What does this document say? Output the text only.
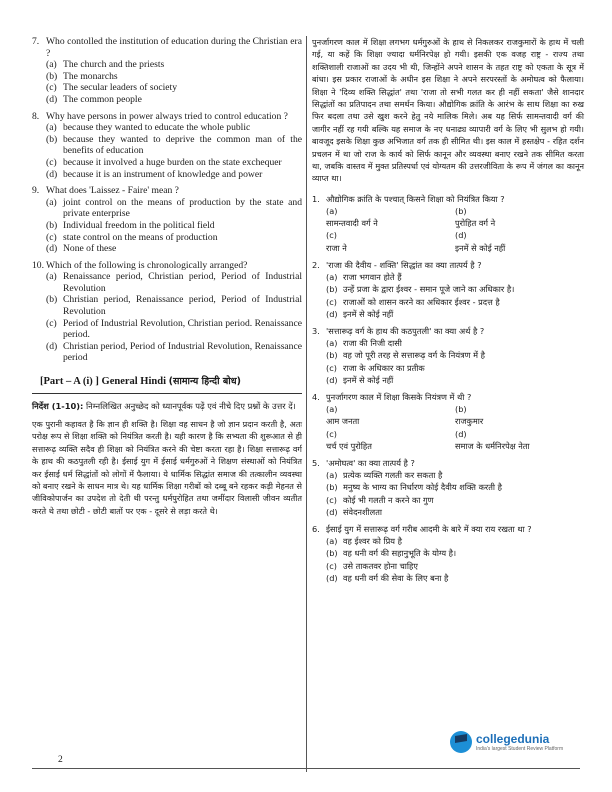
7. Who contolled the institution of education during the Christian era ?
(a) The church and the priests
(b) The monarchs
(c) The secular leaders of society
(d) The common people
8. Why have persons in power always tried to control education ?
(a) because they wanted to educate the whole public
(b) because they wanted to deprive the common man of the benefits of education
(c) because it involved a huge burden on the state exchequer
(d) because it is an instrument of knowledge and power
9. What does 'Laissez - Faire' mean ?
(a) joint control on the means of production by the state and private enterprise
(b) Individual freedom in the political field
(c) state control on the means of production
(d) None of these
10. Which of the following is chronologically arranged?
(a) Renaissance period, Christian period, Period of Industrial Revolution
(b) Christian period, Renaissance period, Period of Industrial Revolution
(c) Period of Industrial Revolution, Christian period. Renaissance period.
(d) Christian period, Period of Industrial Revolution, Renaissance period
[Part – A (i) ] General Hindi (सामान्य हिन्दी बोध)
निर्देश (1-10): निम्नलिखित अनुच्छेद को ध्यानपूर्वक पढ़ें एवं नीचे दिए प्रश्नों के उत्तर दें।
एक पुरानी कहावत है कि ज्ञान ही शक्ति है। शिक्षा वह साधन है जो ज्ञान प्रदान करती है, अतः परोक्ष रूप से शिक्षा शक्ति को नियंत्रित करती है। यही कारण है कि सभ्यता की शुरूआत से ही सत्तारूढ़ व्यक्ति सदैव ही शिक्षा को नियंत्रित करने की चेष्टा करता रहा है। शिक्षा सत्तारूढ़ वर्ग के हाथ की कठपुतली रही है। ईसाई युग में ईसाई धर्मगुरुओं ने शिक्षण संस्थाओं को नियंत्रित कर ईसाई धर्म सिद्धांतों को लोगों में फैलाया। ये धार्मिक सिद्धांत समाज की तत्कालीन व्यवस्था को बनाए रखने के साधन मात्र थे। यह धार्मिक शिक्षा गरीबों को दब्बू बने रहकर कड़ी मेहनत से जीविकोपार्जन का उपदेश तो देती थी परन्तु धर्मपुरोहित तथा जमींदार विलासी जीवन व्यतीत करते थे तथा छोटी - छोटी बातों पर एक - दूसरे से लड़ा करते थे।
पुनर्जागरण काल में शिक्षा लगभग धर्मगुरुओं के हाथ से निकलकर राजकुमारों के हाथ में चली गई, या कहें कि शिक्षा ज्यादा धर्मनिरपेक्ष हो गयी। इसकी एक वजह राष्ट्र - राज्य तथा शक्तिशाली राजाओं का उदय भी थी, जिन्होंने अपने शासन के तहत राष्ट्र को एकता के सूत्र में बांधा। इस प्रकार राजाओं के अधीन इस शिक्षा ने अपने सरपरस्तों के अमोघत्व को फैलाया। शिक्षा ने 'दिव्य शक्ति सिद्धांत' तथा 'राजा तो सभी गलत कर ही नहीं सकता' जैसे शानदार सिद्धांतों का प्रतिपादन तथा समर्थन किया। औद्योगिक क्रांति के आरंभ के साथ शिक्षा का रुख फिर बदला तथा उसे खुश करने हेतु नये मालिक मिले। अब यह सिर्फ सामन्तवादी वर्ग की जागीर नहीं रह गयी बल्कि यह समाज के नए धनाढ्य व्यापारी वर्ग के लिए भी सुलभ हो गयी। बावजूद इसके शिक्षा कुछ अभिजात वर्ग तक ही सीमित थी। इस काल में हस्तक्षेप - रहित दर्शन प्रचलन में था जो राज के कार्य को सिर्फ कानून और व्यवस्था बनाए रखने तक सीमित करता था, जबकि वास्तव में मुक्त प्रतिस्पर्धा एवं योग्यतम की उत्तरजीविता के रूप में जंगल का कानून व्याप्त था।
1. औद्योगिक क्रांति के पश्चात् किसने शिक्षा को नियंत्रित किया ?
(a)
सामन्तवादी वर्ग ने
(b)
पुरोहित वर्ग ने
(c)
राजा ने
(d)
इनमें से कोई नहीं
2. 'राजा की दैवीय - शक्ति' सिद्धांत का क्या तात्पर्य है ?
(a) राजा भगवान होते हैं
(b) उन्हें प्रजा के द्वारा ईश्वर - समान पूजे जाने का अधिकार है।
(c) राजाओं को शासन करने का अधिकार ईश्वर - प्रदत्त है
(d) इनमें से कोई नहीं
3. 'सत्तारूढ़ वर्ग के हाथ की कठपुतली' का क्या अर्थ है ?
(a) राजा की निजी दासी
(b) वह जो पूरी तरह से सत्तारूढ़ वर्ग के नियंत्रण में है
(c) राजा के अधिकार का प्रतीक
(d) इनमें से कोई नहीं
4. पुनर्जागरण काल में शिक्षा किसके नियंत्रण में थी ?
(a)
आम जनता
(b)
राजकुमार
(c)
चर्च एवं पुरोहित
(d)
समाज के धर्मनिरपेक्ष नेता
5. 'अमोघत्व' का क्या तात्पर्य है ?
(a) प्रत्येक व्यक्ति गलती कर सकता है
(b) मनुष्य के भाग्य का निर्धारण कोई दैवीय शक्ति करती है
(c) कोई भी गलती न करने का गुण
(d) संवेदनशीलता
6. ईसाई युग में सत्तारूढ़ वर्ग गरीब आदमी के बारे में क्या राय रखता था ?
(a) वह ईश्वर को प्रिय है
(b) वह धनी वर्ग की सहानुभूति के योग्य है।
(c) उसे ताकतवर होना चाहिए
(d) वह धनी वर्ग की सेवा के लिए बना है
2
collegedunia
India's largest Student Review Platform
